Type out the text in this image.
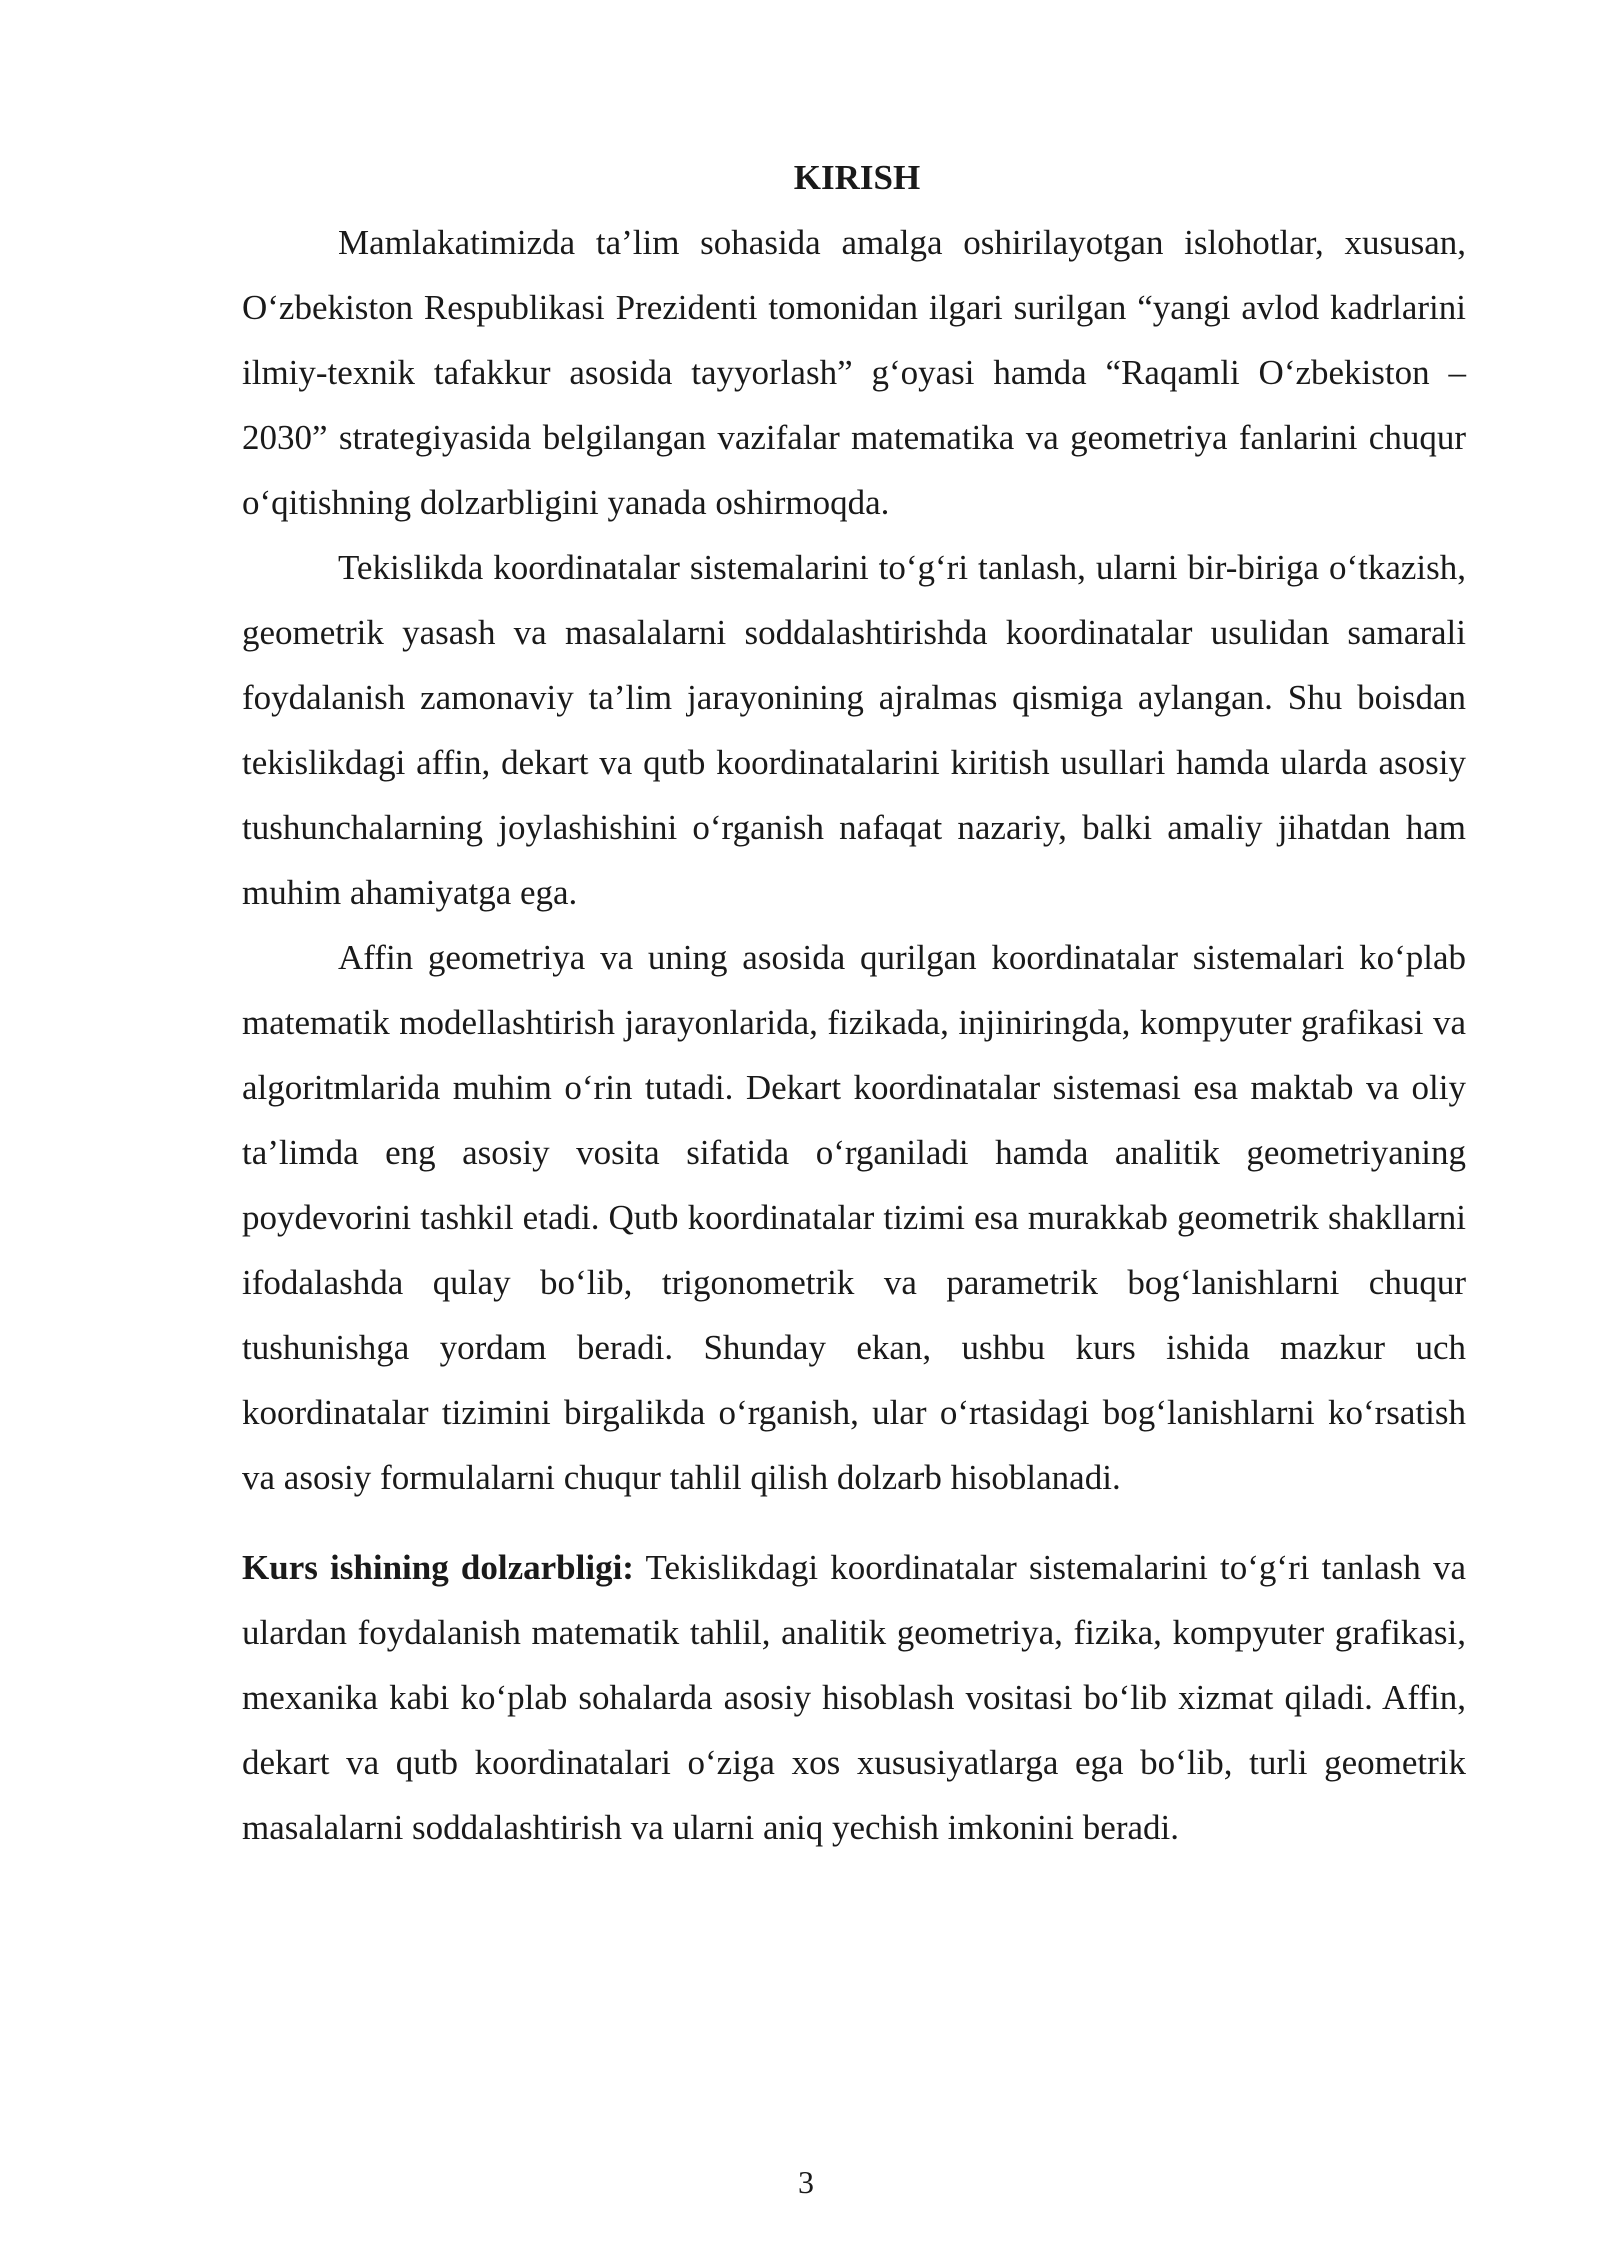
KIRISH

Mamlakatimizda ta’lim sohasida amalga oshirilayotgan islohotlar, xususan, O‘zbekiston Respublikasi Prezidenti tomonidan ilgari surilgan “yangi avlod kadrlarini ilmiy-texnik tafakkur asosida tayyorlash” g‘oyasi hamda “Raqamli O‘zbekiston – 2030” strategiyasida belgilangan vazifalar matematika va geometriya fanlarini chuqur o‘qitishning dolzarbligini yanada oshirmoqda.

Tekislikda koordinatalar sistemalarini to‘g‘ri tanlash, ularni bir-biriga o‘tkazish, geometrik yasash va masalalarni soddalashtirishda koordinatalar usulidan samarali foydalanish zamonaviy ta’lim jarayonining ajralmas qismiga aylangan. Shu boisdan tekislikdagi affin, dekart va qutb koordinatalarini kiritish usullari hamda ularda asosiy tushunchalarning joylashishini o‘rganish nafaqat nazariy, balki amaliy jihatdan ham muhim ahamiyatga ega.

Affin geometriya va uning asosida qurilgan koordinatalar sistemalari ko‘plab matematik modellashtirish jarayonlarida, fizikada, injiniringda, kompyuter grafikasi va algoritmlarida muhim o‘rin tutadi. Dekart koordinatalar sistemasi esa maktab va oliy ta’limda eng asosiy vosita sifatida o‘rganiladi hamda analitik geometriyaning poydevorini tashkil etadi. Qutb koordinatalar tizimi esa murakkab geometrik shakllarni ifodalashda qulay bo‘lib, trigonometrik va parametrik bog‘lanishlarni chuqur tushunishga yordam beradi. Shunday ekan, ushbu kurs ishida mazkur uch koordinatalar tizimini birgalikda o‘rganish, ular o‘rtasidagi bog‘lanishlarni ko‘rsatish va asosiy formulalarni chuqur tahlil qilish dolzarb hisoblanadi.

Kurs ishining dolzarbligi: Tekislikdagi koordinatalar sistemalarini to‘g‘ri tanlash va ulardan foydalanish matematik tahlil, analitik geometriya, fizika, kompyuter grafikasi, mexanika kabi ko‘plab sohalarda asosiy hisoblash vositasi bo‘lib xizmat qiladi. Affin, dekart va qutb koordinatalari o‘ziga xos xususiyatlarga ega bo‘lib, turli geometrik masalalarni soddalashtirish va ularni aniq yechish imkonini beradi.

3
